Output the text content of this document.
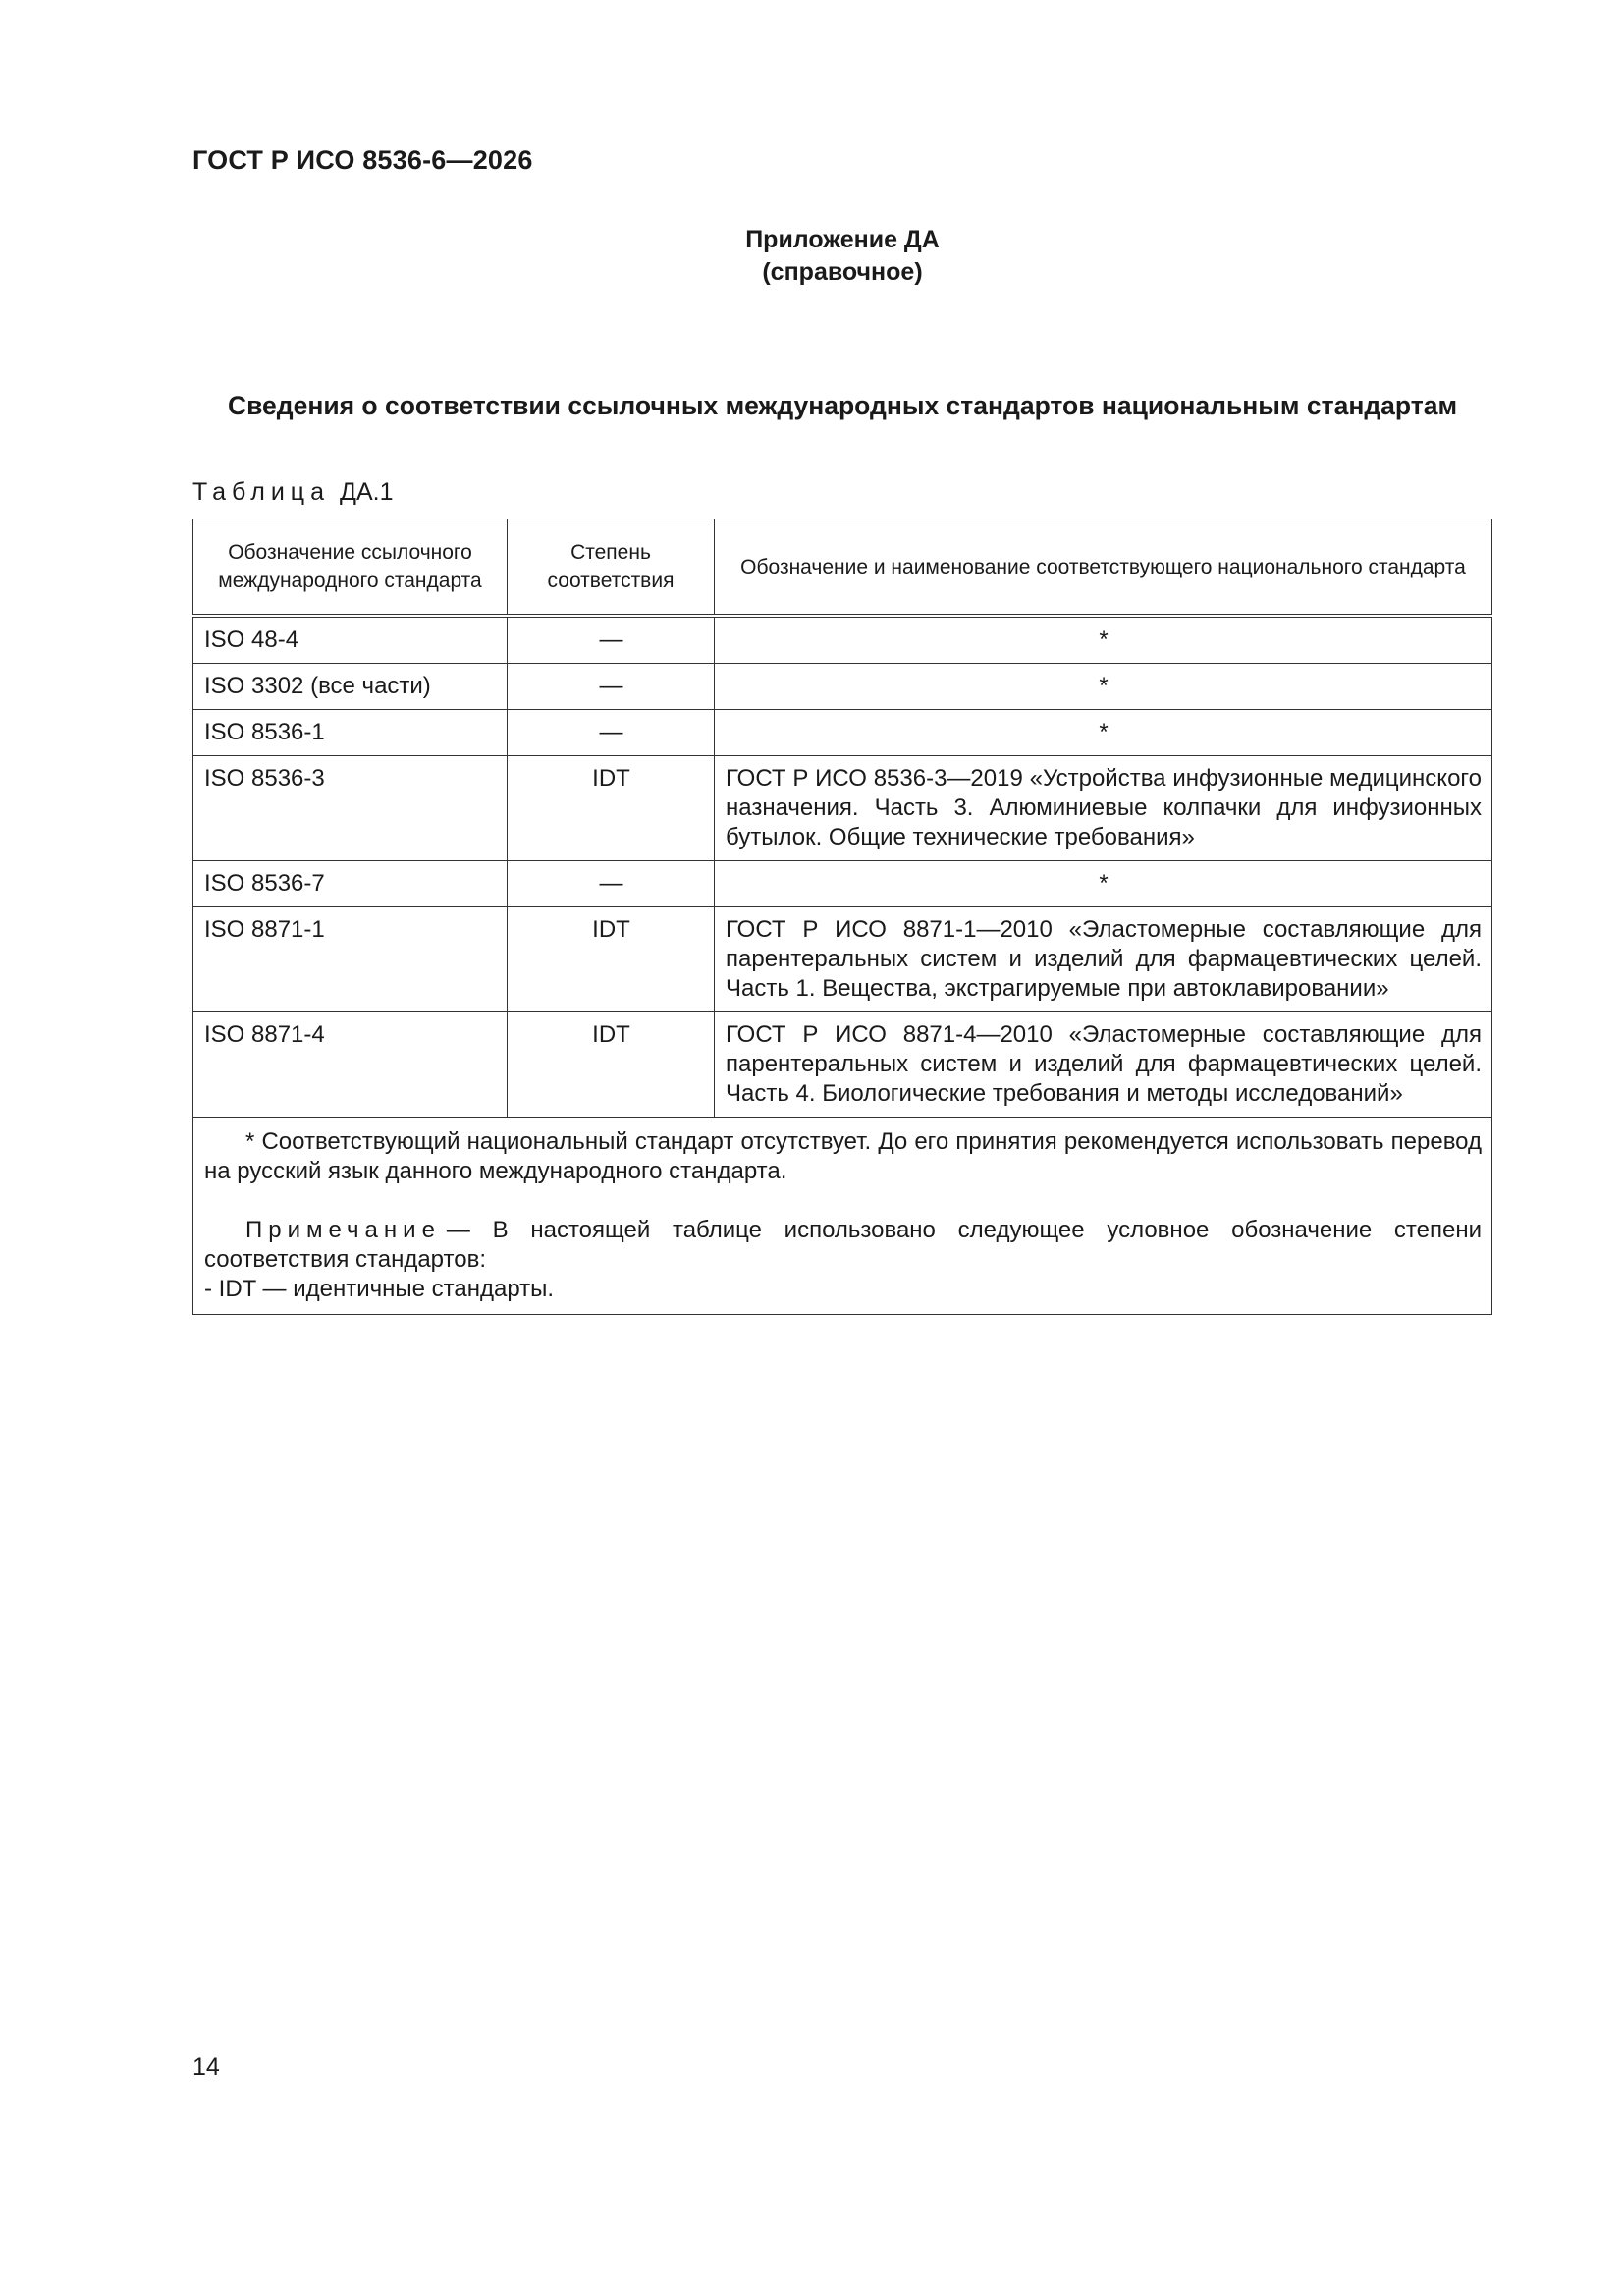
ГОСТ Р ИСО 8536-6—2026
Приложение ДА
(справочное)
Сведения о соответствии ссылочных международных стандартов национальным стандартам
Таблица ДА.1
Обозначение ссылочного международного стандарта	Степень соответствия	Обозначение и наименование соответствующего национального стандарта
ISO 48-4	—	*
ISO 3302 (все части)	—	*
ISO 8536-1	—	*
ISO 8536-3	IDT	ГОСТ Р ИСО 8536-3—2019 «Устройства инфузионные медицинского назначения. Часть 3. Алюминиевые колпачки для инфузионных бутылок. Общие технические требования»
ISO 8536-7	—	*
ISO 8871-1	IDT	ГОСТ Р ИСО 8871-1—2010 «Эластомерные составляющие для парентеральных систем и изделий для фармацевтических целей. Часть 1. Вещества, экстрагируемые при автоклавировании»
ISO 8871-4	IDT	ГОСТ Р ИСО 8871-4—2010 «Эластомерные составляющие для парентеральных систем и изделий для фармацевтических целей. Часть 4. Биологические требования и методы исследований»

* Соответствующий национальный стандарт отсутствует. До его принятия рекомендуется использовать перевод на русский язык данного международного стандарта.

Примечание — В настоящей таблице использовано следующее условное обозначение степени соответствия стандартов:

- IDT — идентичные стандарты.		

14
